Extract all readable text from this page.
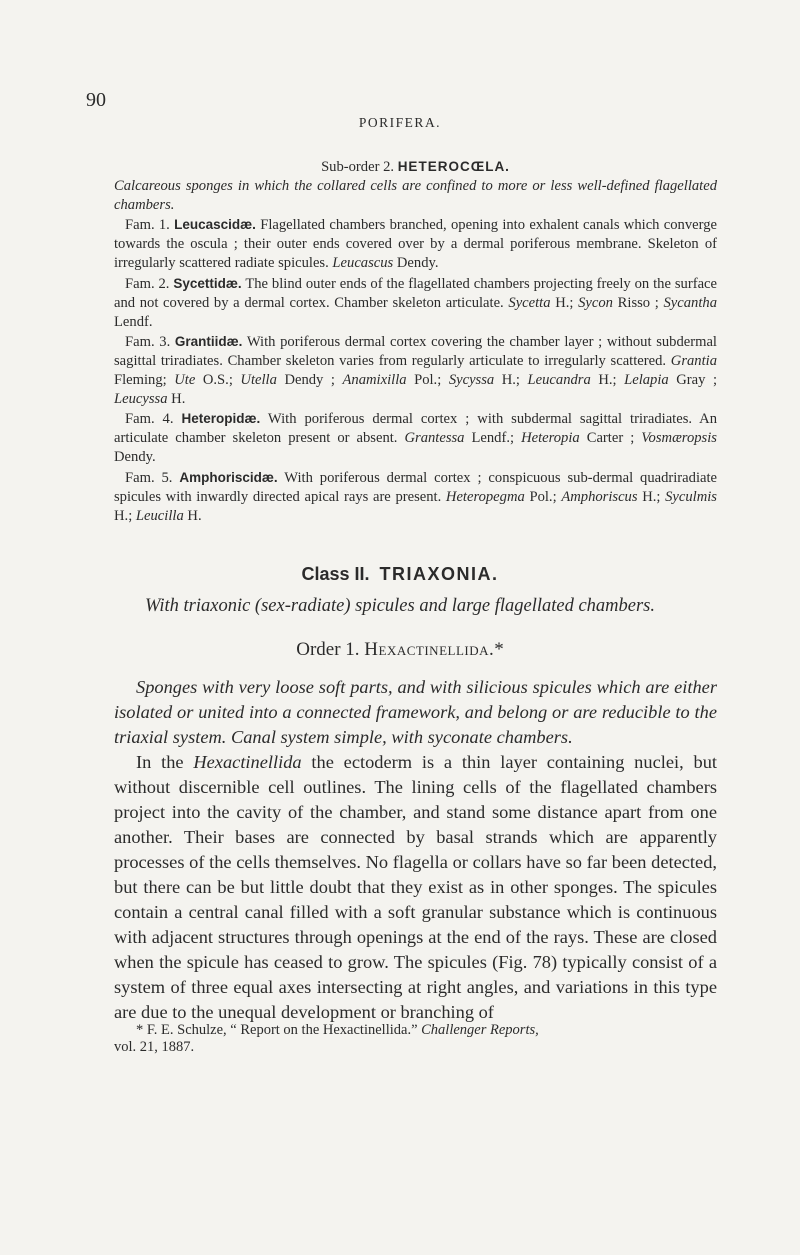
90
PORIFERA.

Sub-order 2. HETEROCŒLA.

Calcareous sponges in which the collared cells are confined to more or less well-defined flagellated chambers.

Fam. 1. Leucascidæ. Flagellated chambers branched, opening into exhalent canals which converge towards the oscula ; their outer ends covered over by a dermal poriferous membrane. Skeleton of irregularly scattered radiate spicules. Leucascus Dendy.

Fam. 2. Sycettidæ. The blind outer ends of the flagellated chambers projecting freely on the surface and not covered by a dermal cortex. Chamber skeleton articulate. Sycetta H.; Sycon Risso ; Sycantha Lendf.

Fam. 3. Grantiidæ. With poriferous dermal cortex covering the chamber layer ; without subdermal sagittal triradiates. Chamber skeleton varies from regularly articulate to irregularly scattered. Grantia Fleming; Ute O.S.; Utella Dendy ; Anamixilla Pol.; Sycyssa H.; Leucandra H.; Lelapia Gray ; Leucyssa H.

Fam. 4. Heteropidæ. With poriferous dermal cortex ; with subdermal sagittal triradiates. An articulate chamber skeleton present or absent. Grantessa Lendf.; Heteropia Carter ; Vosmæropsis Dendy.

Fam. 5. Amphoriscidæ. With poriferous dermal cortex ; conspicuous sub-dermal quadriradiate spicules with inwardly directed apical rays are present. Heteropegma Pol.; Amphoriscus H.; Syculmis H.; Leucilla H.

Class II. TRIAXONIA.
With triaxonic (sex-radiate) spicules and large flagellated chambers.
Order 1. Hexactinellida.*

Sponges with very loose soft parts, and with silicious spicules which are either isolated or united into a connected framework, and belong or are reducible to the triaxial system. Canal system simple, with syconate chambers.

In the Hexactinellida the ectoderm is a thin layer containing nuclei, but without discernible cell outlines. The lining cells of the flagellated chambers project into the cavity of the chamber, and stand some distance apart from one another. Their bases are connected by basal strands which are apparently processes of the cells themselves. No flagella or collars have so far been detected, but there can be but little doubt that they exist as in other sponges. The spicules contain a central canal filled with a soft granular substance which is continuous with adjacent structures through openings at the end of the rays. These are closed when the spicule has ceased to grow. The spicules (Fig. 78) typically consist of a system of three equal axes intersecting at right angles, and variations in this type are due to the unequal development or branching of

* F. E. Schulze, “ Report on the Hexactinellida.” Challenger Reports,

vol. 21, 1887.
